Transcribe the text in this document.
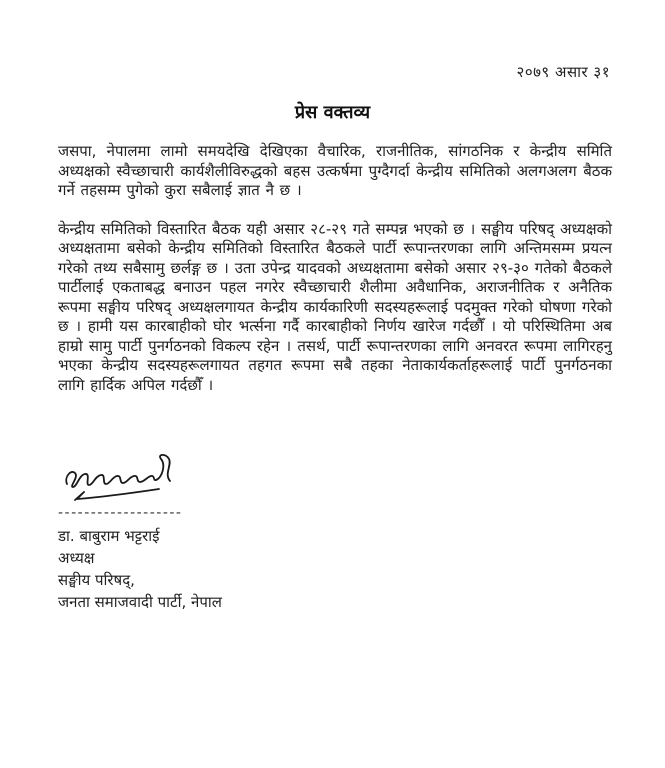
२०७९ असार ३१
प्रेस वक्तव्य

जसपा, नेपालमा लामो समयदेखि देखिएका वैचारिक, राजनीतिक, सांगठनिक र केन्द्रीय समिति अध्यक्षको स्वैच्छाचारी कार्यशैलीविरुद्धको बहस उत्कर्षमा पुग्दैगर्दा केन्द्रीय समितिको अलगअलग बैठक गर्ने तहसम्म पुगेको कुरा सबैलाई ज्ञात नै छ ।

केन्द्रीय समितिको विस्तारित बैठक यही असार २८-२९ गते सम्पन्न भएको छ । सङ्घीय परिषद् अध्यक्षको अध्यक्षतामा बसेको केन्द्रीय समितिको विस्तारित बैठकले पार्टी रूपान्तरणका लागि अन्तिमसम्म प्रयत्न गरेको तथ्य सबैसामु छर्लङ्ग छ । उता उपेन्द्र यादवको अध्यक्षतामा बसेको असार २९-३० गतेको बैठकले पार्टीलाई एकताबद्ध बनाउन पहल नगरेर स्वैच्छाचारी शैलीमा अवैधानिक, अराजनीतिक र अनैतिक रूपमा सङ्घीय परिषद् अध्यक्षलगायत केन्द्रीय कार्यकारिणी सदस्यहरूलाई पदमुक्त गरेको घोषणा गरेको छ । हामी यस कारबाहीको घोर भर्त्सना गर्दै कारबाहीको निर्णय खारेज गर्दछौँ । यो परिस्थितिमा अब हाम्रो सामु पार्टी पुनर्गठनको विकल्प रहेन । तसर्थ, पार्टी रूपान्तरणका लागि अनवरत रूपमा लागिरहनु भएका केन्द्रीय सदस्यहरूलगायत तहगत रूपमा सबै तहका नेताकार्यकर्ताहरूलाई पार्टी पुनर्गठनका लागि हार्दिक अपिल गर्दछौँ ।

-------------------
डा. बाबुराम भट्टराई
अध्यक्ष
सङ्घीय परिषद्,
जनता समाजवादी पार्टी, नेपाल
